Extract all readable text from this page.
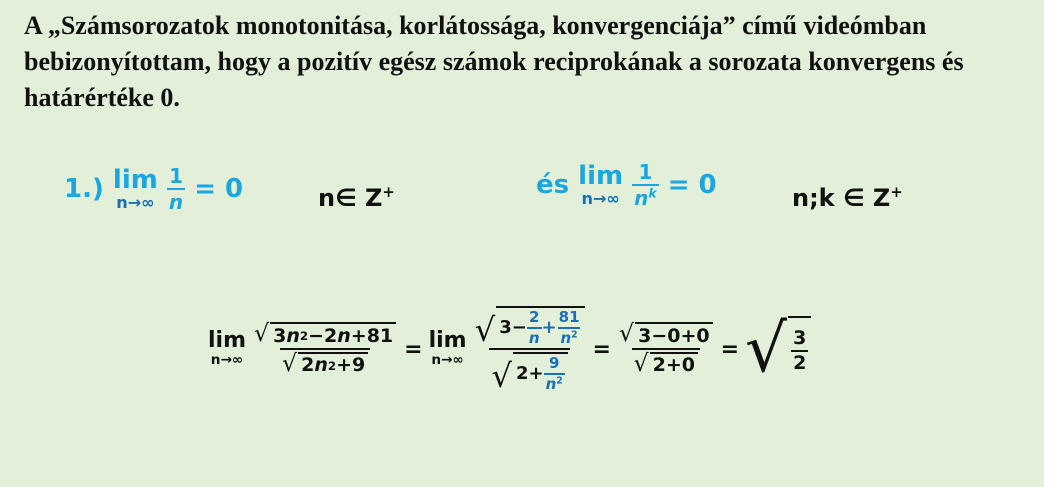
A „Számsorozatok monotonitása, korlátossága, konvergenciája” című videómban bebizonyítottam, hogy a pozitív egész számok reciprokának a sorozata konvergens és határértéke 0.

1.) lim
n→∞
$\frac{1}{n} = 0$	n∈ Z+	és lim
n→∞
$\frac{1}{n^k} = 0$	n;k ∈ Z+
lim
$n\to\infty \frac{√ 3 n 2 -2 n +81}{√ 2 n 2 +9} = \lim$
n→∞
√ $3- \frac{2}{n} + \frac{81}{n^2}$
√ $2+ \frac{9}{n^2}$
= $\frac{√ 3-0+0}{√ 2+0}$ = √ $\frac{3}{2}$
